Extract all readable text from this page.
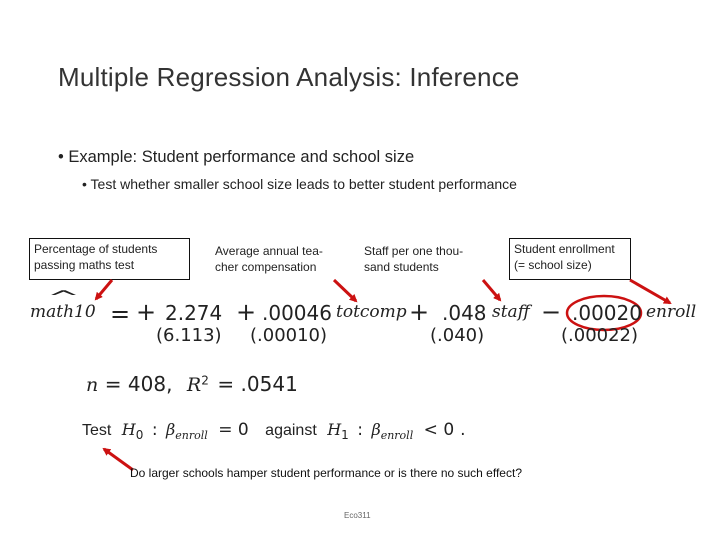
Multiple Regression Analysis: Inference
• Example: Student performance and school size
• Test whether smaller school size leads to better student performance
Percentage of students
passing maths test
Average annual tea-
cher compensation
Staff per one thou-
sand students
Student enrollment
(= school size)
math10
^
= + 2.274 + .00046 totcomp + .048 staff − .00020 enroll
(6.113) (.00010)	(.040)	(.00022)
n = 408, $R^2 = .0541$
Test $H_0$ : $\beta_{enroll} = 0$ against $H_1$ : $\beta_{enroll} < 0$ .
Do larger schools hamper student performance or is there no such effect?
Eco311
